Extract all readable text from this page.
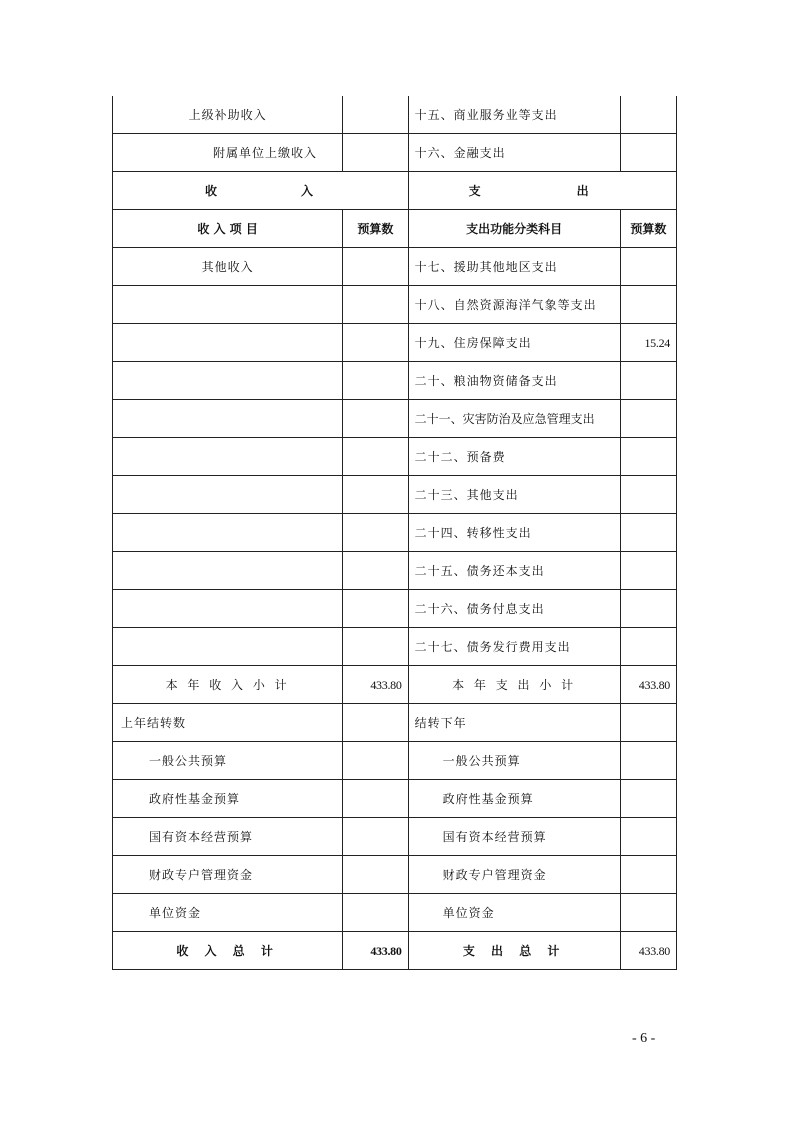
上级补助收入		十五、商业服务业等支出	
附属单位上缴收入		十六、金融支出	
收 入		支 出	
收 入 项 目	预算数	支出功能分类科目	预算数
其他收入		十七、援助其他地区支出	
		十八、自然资源海洋气象等支出	
		十九、住房保障支出	15.24
		二十、粮油物资储备支出	
		二十一、灾害防治及应急管理支出	
		二十二、预备费	
		二十三、其他支出	
		二十四、转移性支出	
		二十五、债务还本支出	
		二十六、债务付息支出	
		二十七、债务发行费用支出	
本 年 收 入 小 计	433.80	本 年 支 出 小 计	433.80
上年结转数		结转下年	
一般公共预算		一般公共预算	
政府性基金预算		政府性基金预算	
国有资本经营预算		国有资本经营预算	
财政专户管理资金		财政专户管理资金	
单位资金		单位资金	
收 入 总 计	433.80	支 出 总 计	433.80
- 6 -
